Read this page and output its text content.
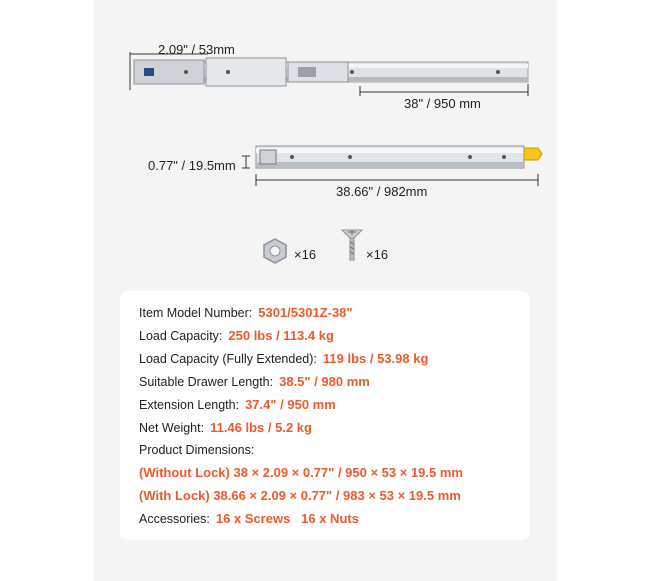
2.09" / 53mm
38" / 950 mm
0.77" / 19.5mm
38.66" / 982mm
×16	×16
Item Model Number: 5301/5301Z-38"
Load Capacity: 250 lbs / 113.4 kg
Load Capacity (Fully Extended): 119 lbs / 53.98 kg
Suitable Drawer Length: 38.5" / 980 mm
Extension Length: 37.4" / 950 mm
Net Weight: 11.46 lbs / 5.2 kg
Product Dimensions:
(Without Lock) 38 × 2.09 × 0.77" / 950 × 53 × 19.5 mm
(With Lock) 38.66 × 2.09 × 0.77" / 983 × 53 × 19.5 mm
Accessories: 16 x Screws   16 x Nuts
